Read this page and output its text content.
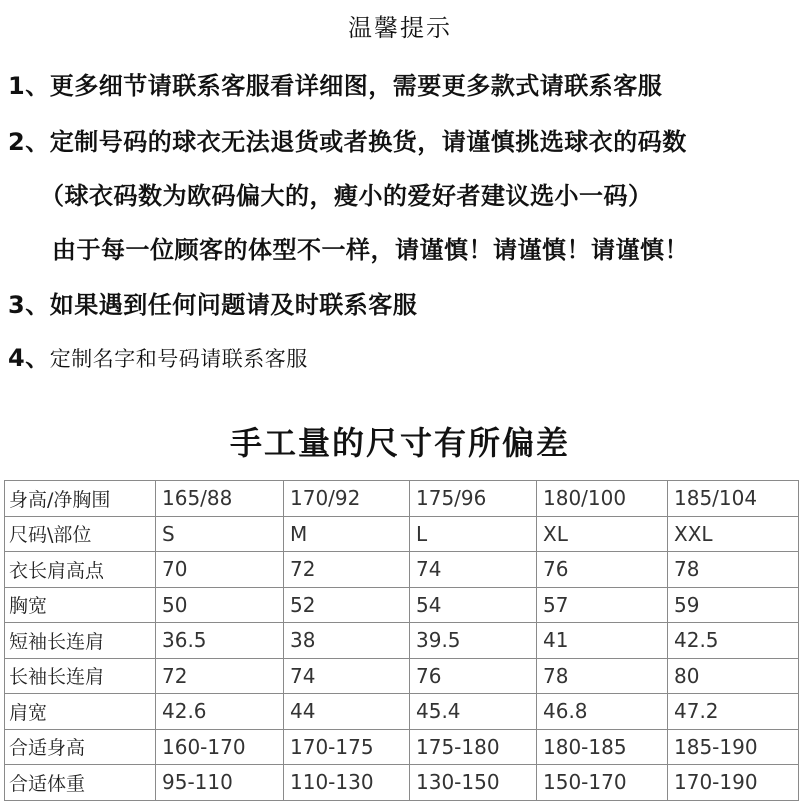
温馨提示
1、更多细节请联系客服看详细图，需要更多款式请联系客服
2、定制号码的球衣无法退货或者换货，请谨慎挑选球衣的码数
（球衣码数为欧码偏大的，瘦小的爱好者建议选小一码）
由于每一位顾客的体型不一样，请谨慎！请谨慎！请谨慎！
3、如果遇到任何问题请及时联系客服
4、定制名字和号码请联系客服
手工量的尺寸有所偏差
身高/净胸围	165/88	170/92	175/96	180/100	185/104
尺码\部位	S	M	L	XL	XXL
衣长肩高点	70	72	74	76	78
胸宽	50	52	54	57	59
短袖长连肩	36.5	38	39.5	41	42.5
长袖长连肩	72	74	76	78	80
肩宽	42.6	44	45.4	46.8	47.2
合适身高	160-170	170-175	175-180	180-185	185-190
合适体重	95-110	110-130	130-150	150-170	170-190
